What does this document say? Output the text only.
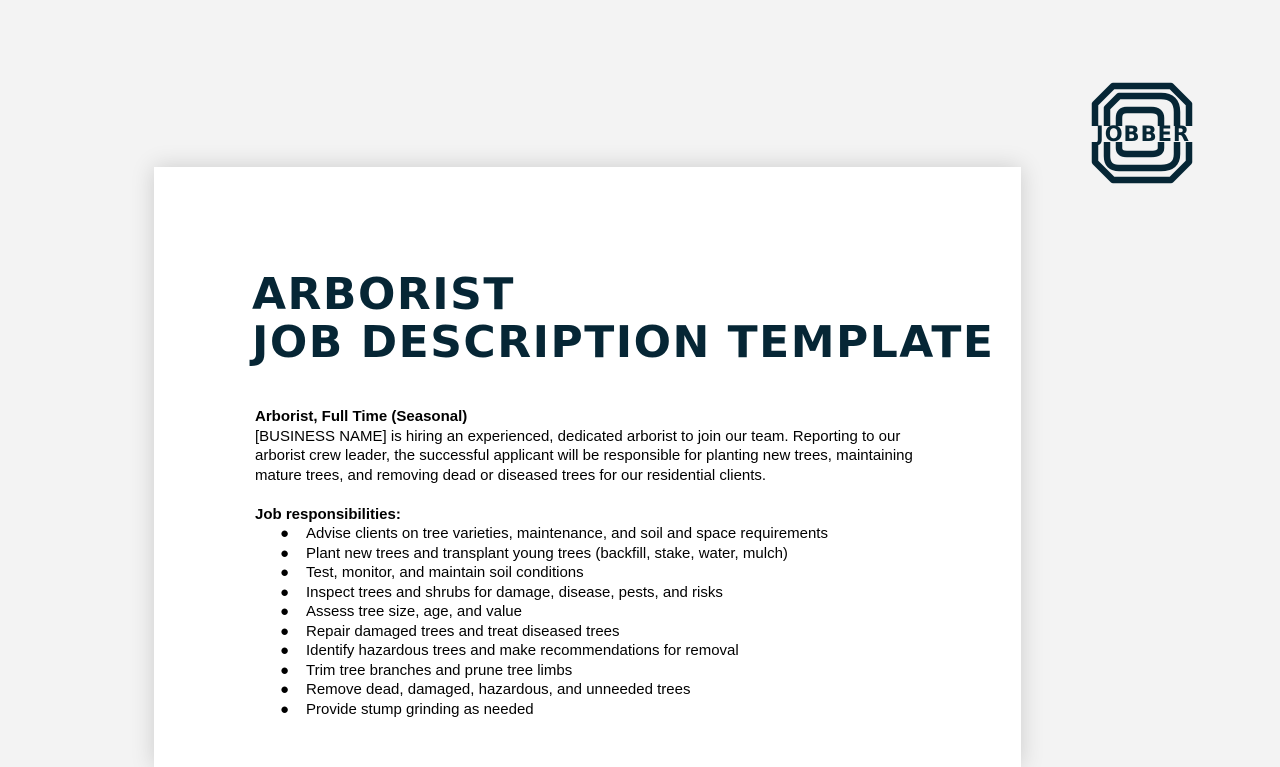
JOBBER
ARBORIST
JOB DESCRIPTION TEMPLATE

Arborist, Full Time (Seasonal)

[BUSINESS NAME] is hiring an experienced, dedicated arborist to join our team. Reporting to our arborist crew leader, the successful applicant will be responsible for planting new trees, maintaining mature trees, and removing dead or diseased trees for our residential clients.

Job responsibilities:

● Advise clients on tree varieties, maintenance, and soil and space requirements
● Plant new trees and transplant young trees (backfill, stake, water, mulch)
● Test, monitor, and maintain soil conditions
● Inspect trees and shrubs for damage, disease, pests, and risks
● Assess tree size, age, and value
● Repair damaged trees and treat diseased trees
● Identify hazardous trees and make recommendations for removal
● Trim tree branches and prune tree limbs
● Remove dead, damaged, hazardous, and unneeded trees
● Provide stump grinding as needed
